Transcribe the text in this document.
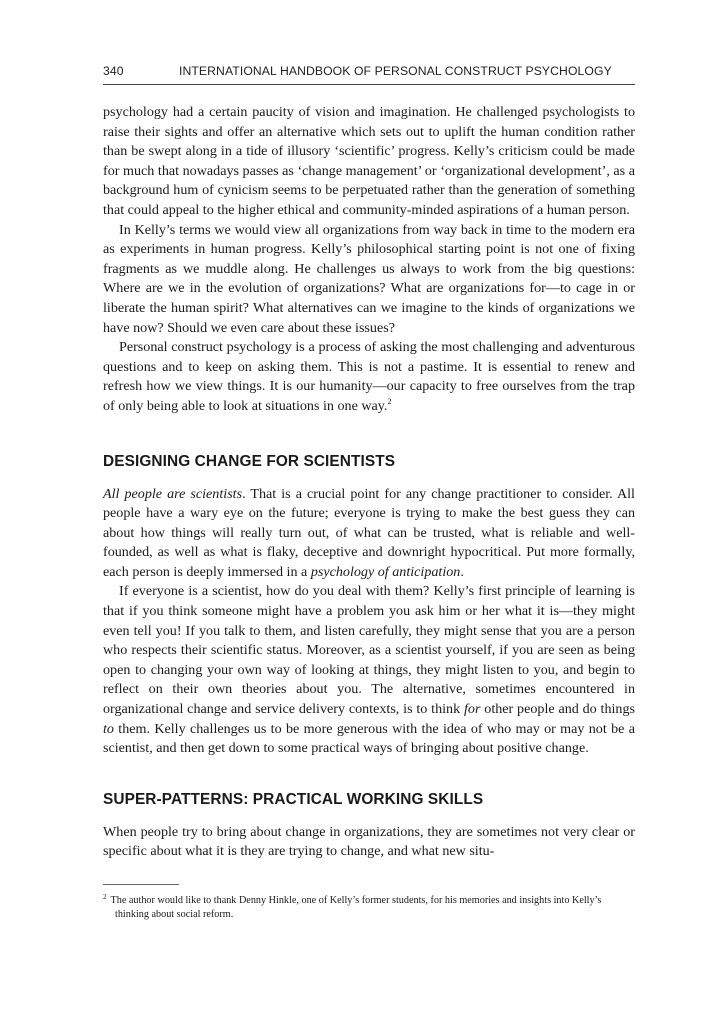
340	INTERNATIONAL HANDBOOK OF PERSONAL CONSTRUCT PSYCHOLOGY

psychology had a certain paucity of vision and imagination. He challenged psychologists to raise their sights and offer an alternative which sets out to uplift the human condition rather than be swept along in a tide of illusory ‘scientific’ progress. Kelly’s criticism could be made for much that nowadays passes as ‘change management’ or ‘organizational development’, as a background hum of cynicism seems to be perpetuated rather than the generation of something that could appeal to the higher ethical and community-minded aspirations of a human person.

In Kelly’s terms we would view all organizations from way back in time to the modern era as experiments in human progress. Kelly’s philosophical starting point is not one of fixing fragments as we muddle along. He challenges us always to work from the big questions: Where are we in the evolution of organizations? What are organizations for—to cage in or liberate the human spirit? What alternatives can we imagine to the kinds of organizations we have now? Should we even care about these issues?

Personal construct psychology is a process of asking the most challenging and adventurous questions and to keep on asking them. This is not a pastime. It is essential to renew and refresh how we view things. It is our humanity—our capacity to free ourselves from the trap of only being able to look at situations in one way.$^2$

DESIGNING CHANGE FOR SCIENTISTS

All people are scientists. That is a crucial point for any change practitioner to consider. All people have a wary eye on the future; everyone is trying to make the best guess they can about how things will really turn out, of what can be trusted, what is reliable and well-founded, as well as what is flaky, deceptive and downright hypocritical. Put more formally, each person is deeply immersed in a psychology of anticipation.

If everyone is a scientist, how do you deal with them? Kelly’s first principle of learning is that if you think someone might have a problem you ask him or her what it is—they might even tell you! If you talk to them, and listen carefully, they might sense that you are a person who respects their scientific status. Moreover, as a scientist yourself, if you are seen as being open to changing your own way of looking at things, they might listen to you, and begin to reflect on their own theories about you. The alternative, sometimes encountered in organizational change and service delivery contexts, is to think for other people and do things to them. Kelly challenges us to be more generous with the idea of who may or may not be a scientist, and then get down to some practical ways of bringing about positive change.

SUPER-PATTERNS: PRACTICAL WORKING SKILLS

When people try to bring about change in organizations, they are sometimes not very clear or specific about what it is they are trying to change, and what new situ-

$^2$ The author would like to thank Denny Hinkle, one of Kelly’s former students, for his memories and insights into Kelly’s thinking about social reform.
